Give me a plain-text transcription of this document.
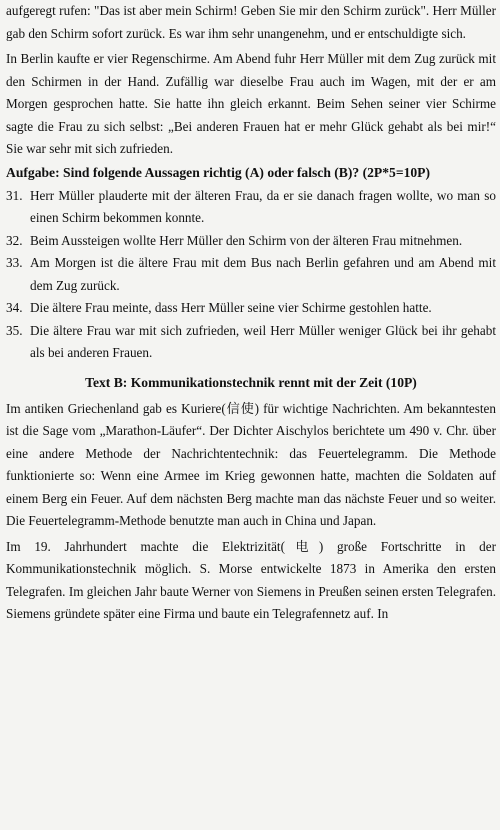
aufgeregt rufen: "Das ist aber mein Schirm! Geben Sie mir den Schirm zurück". Herr Müller gab den Schirm sofort zurück. Es war ihm sehr unangenehm, und er entschuldigte sich.

In Berlin kaufte er vier Regenschirme. Am Abend fuhr Herr Müller mit dem Zug zurück mit den Schirmen in der Hand. Zufällig war dieselbe Frau auch im Wagen, mit der er am Morgen gesprochen hatte. Sie hatte ihn gleich erkannt. Beim Sehen seiner vier Schirme sagte die Frau zu sich selbst: „Bei anderen Frauen hat er mehr Glück gehabt als bei mir!“ Sie war sehr mit sich zufrieden.

Aufgabe: Sind folgende Aussagen richtig (A) oder falsch (B)? (2P*5=10P)
31. Herr Müller plauderte mit der älteren Frau, da er sie danach fragen wollte, wo man so einen Schirm bekommen konnte.
32. Beim Aussteigen wollte Herr Müller den Schirm von der älteren Frau mitnehmen.
33. Am Morgen ist die ältere Frau mit dem Bus nach Berlin gefahren und am Abend mit dem Zug zurück.
34. Die ältere Frau meinte, dass Herr Müller seine vier Schirme gestohlen hatte.
35. Die ältere Frau war mit sich zufrieden, weil Herr Müller weniger Glück bei ihr gehabt als bei anderen Frauen.
Text B: Kommunikationstechnik rennt mit der Zeit (10P)

Im antiken Griechenland gab es Kuriere(信使) für wichtige Nachrichten. Am bekanntesten ist die Sage vom „Marathon-Läufer“. Der Dichter Aischylos berichtete um 490 v. Chr. über eine andere Methode der Nachrichtentechnik: das Feuertelegramm. Die Methode funktionierte so: Wenn eine Armee im Krieg gewonnen hatte, machten die Soldaten auf einem Berg ein Feuer. Auf dem nächsten Berg machte man das nächste Feuer und so weiter. Die Feuertelegramm-Methode benutzte man auch in China und Japan.

Im 19. Jahrhundert machte die Elektrizität(电) große Fortschritte in der Kommunikationstechnik möglich. S. Morse entwickelte 1873 in Amerika den ersten Telegrafen. Im gleichen Jahr baute Werner von Siemens in Preußen seinen ersten Telegrafen. Siemens gründete später eine Firma und baute ein Telegrafennetz auf. In
